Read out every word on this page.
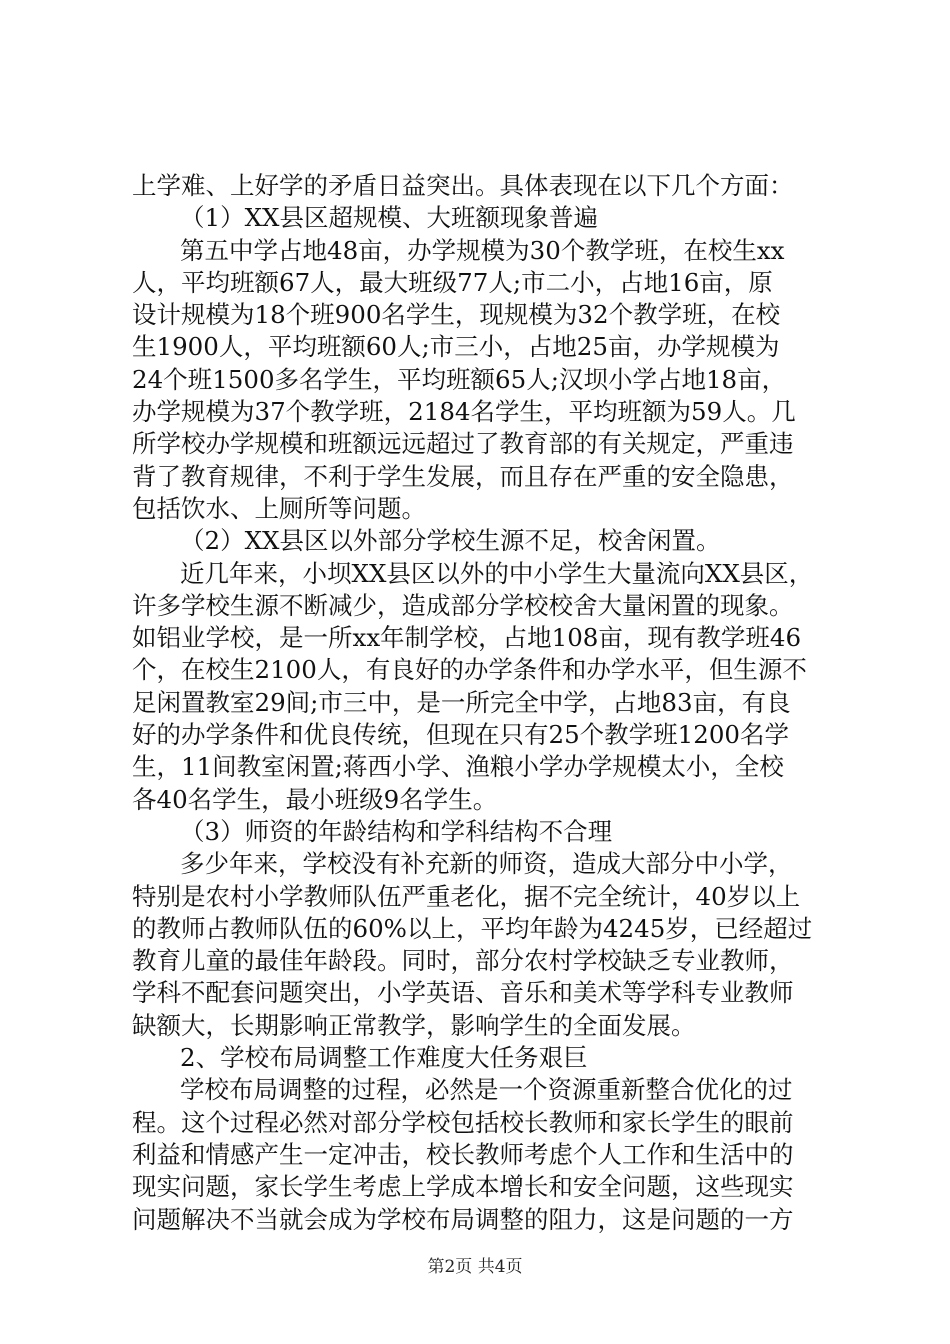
上学难、上好学的矛盾日益突出。具体表现在以下几个方面：
（1）XX县区超规模、大班额现象普遍
第五中学占地48亩，办学规模为30个教学班，在校生xx
人，平均班额67人，最大班级77人;市二小，占地16亩，原
设计规模为18个班900名学生，现规模为32个教学班，在校
生1900人，平均班额60人;市三小，占地25亩，办学规模为
24个班1500多名学生，平均班额65人;汉坝小学占地18亩，
办学规模为37个教学班，2184名学生，平均班额为59人。几
所学校办学规模和班额远远超过了教育部的有关规定，严重违
背了教育规律，不利于学生发展，而且存在严重的安全隐患，
包括饮水、上厕所等问题。
（2）XX县区以外部分学校生源不足，校舍闲置。
近几年来，小坝XX县区以外的中小学生大量流向XX县区，
许多学校生源不断减少，造成部分学校校舍大量闲置的现象。
如铝业学校，是一所xx年制学校，占地108亩，现有教学班46
个，在校生2100人，有良好的办学条件和办学水平，但生源不
足闲置教室29间;市三中，是一所完全中学，占地83亩，有良
好的办学条件和优良传统，但现在只有25个教学班1200名学
生，11间教室闲置;蒋西小学、渔粮小学办学规模太小，全校
各40名学生，最小班级9名学生。
（3）师资的年龄结构和学科结构不合理
多少年来，学校没有补充新的师资，造成大部分中小学，
特别是农村小学教师队伍严重老化，据不完全统计，40岁以上
的教师占教师队伍的60%以上，平均年龄为4245岁，已经超过
教育儿童的最佳年龄段。同时，部分农村学校缺乏专业教师，
学科不配套问题突出，小学英语、音乐和美术等学科专业教师
缺额大，长期影响正常教学，影响学生的全面发展。
2、学校布局调整工作难度大任务艰巨
学校布局调整的过程，必然是一个资源重新整合优化的过
程。这个过程必然对部分学校包括校长教师和家长学生的眼前
利益和情感产生一定冲击，校长教师考虑个人工作和生活中的
现实问题，家长学生考虑上学成本增长和安全问题，这些现实
问题解决不当就会成为学校布局调整的阻力，这是问题的一方
第2页 共4页
